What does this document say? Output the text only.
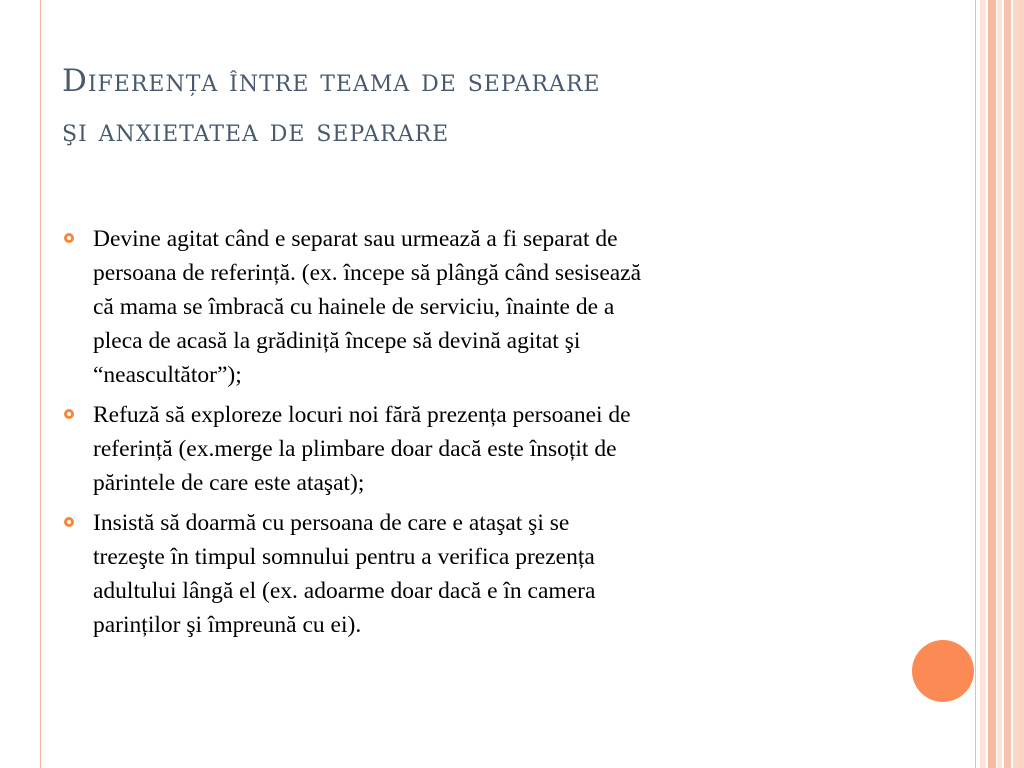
Diferența între teama de separare
şi anxietatea de separare
Devine agitat când e separat sau urmează a fi separat de
persoana de referință. (ex. începe să plângă când sesisează
că mama se îmbracă cu hainele de serviciu, înainte de a
pleca de acasă la grădiniță începe să devină agitat şi
“neascultător”);
Refuză să exploreze locuri noi fără prezența persoanei de
referință (ex.merge la plimbare doar dacă este însoțit de
părintele de care este ataşat);
Insistă să doarmă cu persoana de care e ataşat şi se
trezeşte în timpul somnului pentru a verifica prezența
adultului lângă el (ex. adoarme doar dacă e în camera
parinților şi împreună cu ei).
